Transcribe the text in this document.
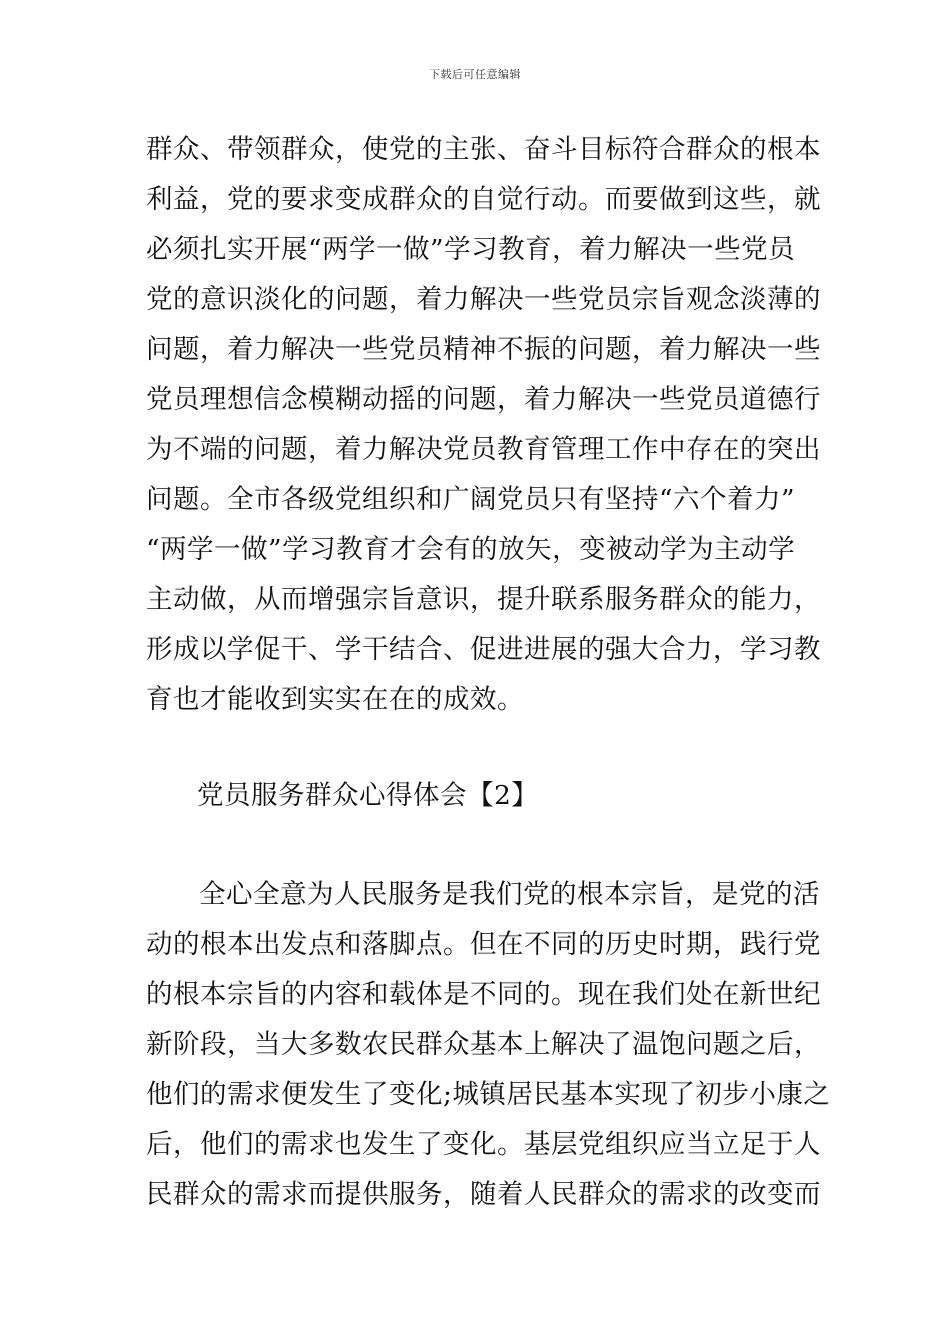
下载后可任意编辑
群众、带领群众，使党的主张、奋斗目标符合群众的根本
利益，党的要求变成群众的自觉行动。而要做到这些，就
必须扎实开展“两学一做”学习教育，着力解决一些党员
党的意识淡化的问题，着力解决一些党员宗旨观念淡薄的
问题，着力解决一些党员精神不振的问题，着力解决一些
党员理想信念模糊动摇的问题，着力解决一些党员道德行
为不端的问题，着力解决党员教育管理工作中存在的突出
问题。全市各级党组织和广阔党员只有坚持“六个着力”
“两学一做”学习教育才会有的放矢，变被动学为主动学
主动做，从而增强宗旨意识，提升联系服务群众的能力，
形成以学促干、学干结合、促进进展的强大合力，学习教
育也才能收到实实在在的成效。
党员服务群众心得体会【2】
全心全意为人民服务是我们党的根本宗旨，是党的活
动的根本出发点和落脚点。但在不同的历史时期，践行党
的根本宗旨的内容和载体是不同的。现在我们处在新世纪
新阶段，当大多数农民群众基本上解决了温饱问题之后，
他们的需求便发生了变化;城镇居民基本实现了初步小康之
后，他们的需求也发生了变化。基层党组织应当立足于人
民群众的需求而提供服务，随着人民群众的需求的改变而
